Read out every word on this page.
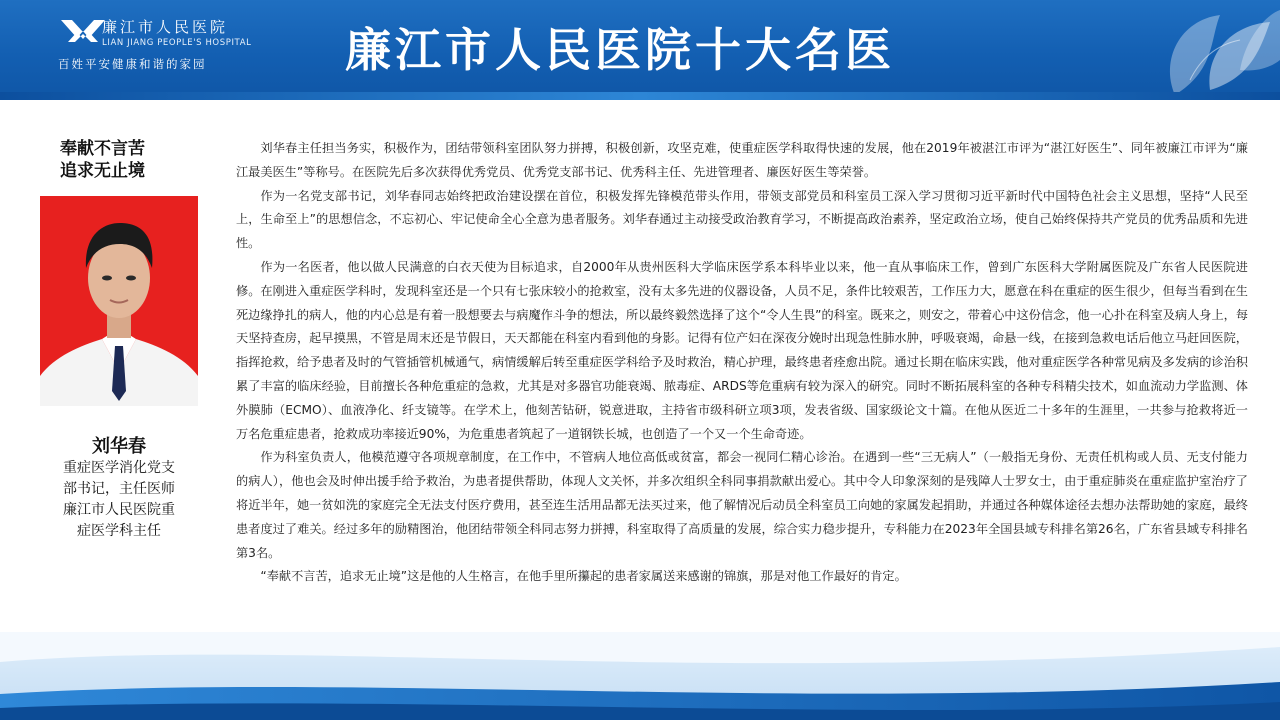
廉江市人民医院
LIAN JIANG PEOPLE'S HOSPITAL
百姓平安健康和谐的家园	廉江市人民医院十大名医
奉献不言苦
追求无止境
刘华春
重症医学消化党支
部书记，主任医师
廉江市人民医院重
症医学科主任

刘华春主任担当务实，积极作为，团结带领科室团队努力拼搏，积极创新，攻坚克难，使重症医学科取得快速的发展，他在2019年被湛江市评为“湛江好医生”、同年被廉江市评为“廉江最美医生”等称号。在医院先后多次获得优秀党员、优秀党支部书记、优秀科主任、先进管理者、廉医好医生等荣誉。

作为一名党支部书记，刘华春同志始终把政治建设摆在首位，积极发挥先锋模范带头作用，带领支部党员和科室员工深入学习贯彻习近平新时代中国特色社会主义思想，坚持“人民至上，生命至上”的思想信念，不忘初心、牢记使命全心全意为患者服务。刘华春通过主动接受政治教育学习，不断提高政治素养，坚定政治立场，使自己始终保持共产党员的优秀品质和先进性。

作为一名医者，他以做人民满意的白衣天使为目标追求，自2000年从贵州医科大学临床医学系本科毕业以来，他一直从事临床工作，曾到广东医科大学附属医院及广东省人民医院进修。在刚进入重症医学科时，发现科室还是一个只有七张床较小的抢救室，没有太多先进的仪器设备，人员不足，条件比较艰苦，工作压力大，愿意在科在重症的医生很少，但每当看到在生死边缘挣扎的病人，他的内心总是有着一股想要去与病魔作斗争的想法，所以最终毅然选择了这个“令人生畏”的科室。既来之，则安之，带着心中这份信念，他一心扑在科室及病人身上，每天坚持查房，起早摸黑，不管是周末还是节假日，天天都能在科室内看到他的身影。记得有位产妇在深夜分娩时出现急性肺水肿，呼吸衰竭，命悬一线，在接到急救电话后他立马赶回医院，指挥抢救，给予患者及时的气管插管机械通气，病情缓解后转至重症医学科给予及时救治，精心护理，最终患者痊愈出院。通过长期在临床实践，他对重症医学各种常见病及多发病的诊治积累了丰富的临床经验，目前擅长各种危重症的急救，尤其是对多器官功能衰竭、脓毒症、ARDS等危重病有较为深入的研究。同时不断拓展科室的各种专科精尖技术，如血流动力学监测、体外膜肺（ECMO）、血液净化、纤支镜等。在学术上，他刻苦钻研，锐意进取，主持省市级科研立项3项，发表省级、国家级论文十篇。在他从医近二十多年的生涯里，一共参与抢救将近一万名危重症患者，抢救成功率接近90%，为危重患者筑起了一道钢铁长城，也创造了一个又一个生命奇迹。

作为科室负责人，他模范遵守各项规章制度，在工作中，不管病人地位高低或贫富，都会一视同仁精心诊治。在遇到一些“三无病人”（一般指无身份、无责任机构或人员、无支付能力的病人），他也会及时伸出援手给予救治，为患者提供帮助，体现人文关怀，并多次组织全科同事捐款献出爱心。其中令人印象深刻的是残障人士罗女士，由于重症肺炎在重症监护室治疗了将近半年，她一贫如洗的家庭完全无法支付医疗费用，甚至连生活用品都无法买过来，他了解情况后动员全科室员工向她的家属发起捐助，并通过各种媒体途径去想办法帮助她的家庭，最终患者度过了难关。经过多年的励精图治，他团结带领全科同志努力拼搏，科室取得了高质量的发展，综合实力稳步提升，专科能力在2023年全国县域专科排名第26名，广东省县域专科排名第3名。

“奉献不言苦，追求无止境”这是他的人生格言，在他手里所攥起的患者家属送来感谢的锦旗，那是对他工作最好的肯定。
